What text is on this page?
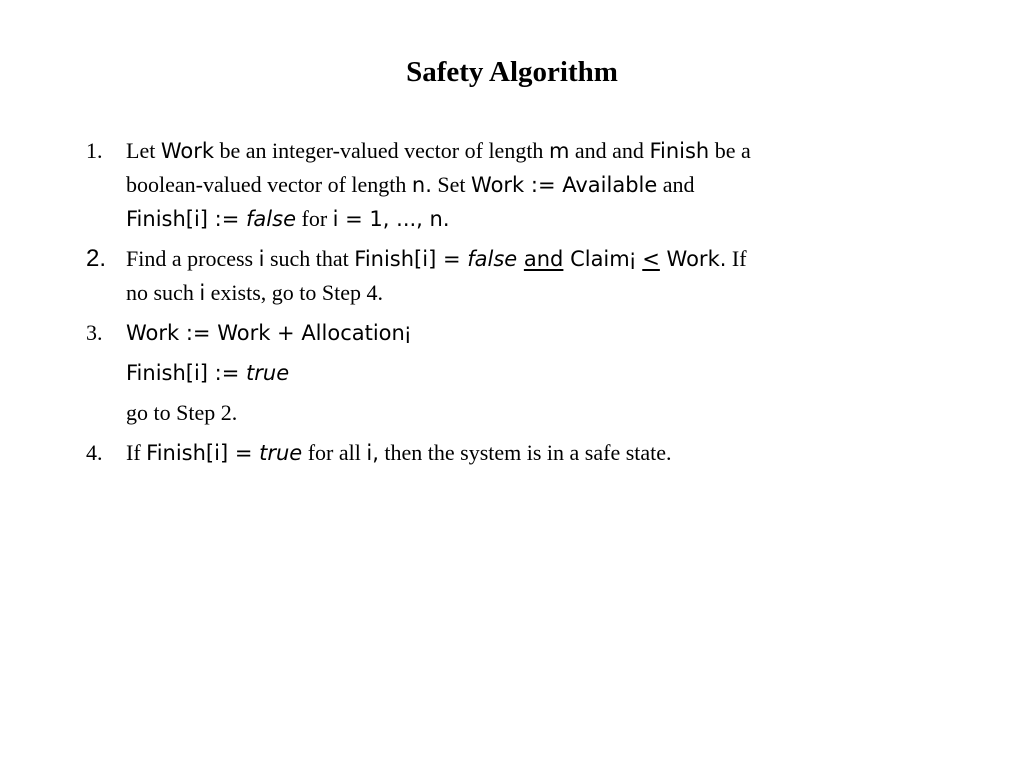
Safety Algorithm
1. Let Work be an integer-valued vector of length m and and Finish be a
boolean-valued vector of length n. Set Work := Available and
Finish[i] := false for i = 1, ..., n.
2. Find a process i such that Finish[i] = false and Claim$_i$ < Work. If
no such i exists, go to Step 4.
3. Work := Work + Allocation$_i$
Finish[i] := true
go to Step 2.
4. If Finish[i] = true for all i, then the system is in a safe state.
